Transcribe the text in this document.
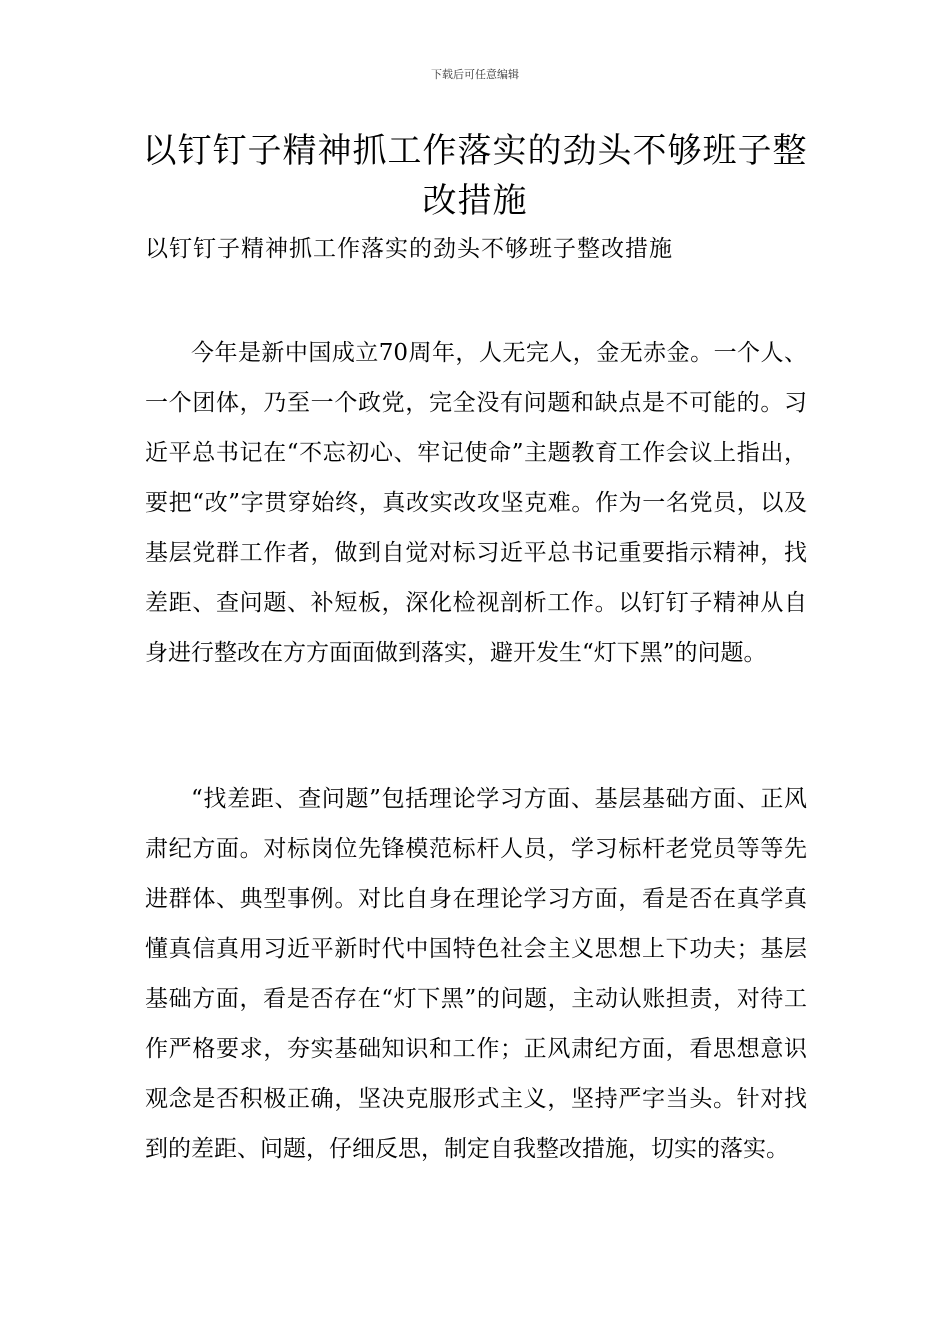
下载后可任意编辑
以钉钉子精神抓工作落实的劲头不够班子整改措施
以钉钉子精神抓工作落实的劲头不够班子整改措施
今年是新中国成立70周年，人无完人，金无赤金。一个人、一个团体，乃至一个政党，完全没有问题和缺点是不可能的。习近平总书记在“不忘初心、牢记使命”主题教育工作会议上指出，要把“改”字贯穿始终，真改实改攻坚克难。作为一名党员，以及基层党群工作者，做到自觉对标习近平总书记重要指示精神，找差距、查问题、补短板，深化检视剖析工作。以钉钉子精神从自身进行整改在方方面面做到落实，避开发生“灯下黑”的问题。
“找差距、查问题”包括理论学习方面、基层基础方面、正风肃纪方面。对标岗位先锋模范标杆人员，学习标杆老党员等等先进群体、典型事例。对比自身在理论学习方面，看是否在真学真懂真信真用习近平新时代中国特色社会主义思想上下功夫；基层基础方面，看是否存在“灯下黑”的问题，主动认账担责，对待工作严格要求，夯实基础知识和工作；正风肃纪方面，看思想意识观念是否积极正确，坚决克服形式主义，坚持严字当头。针对找到的差距、问题，仔细反思，制定自我整改措施，切实的落实。
